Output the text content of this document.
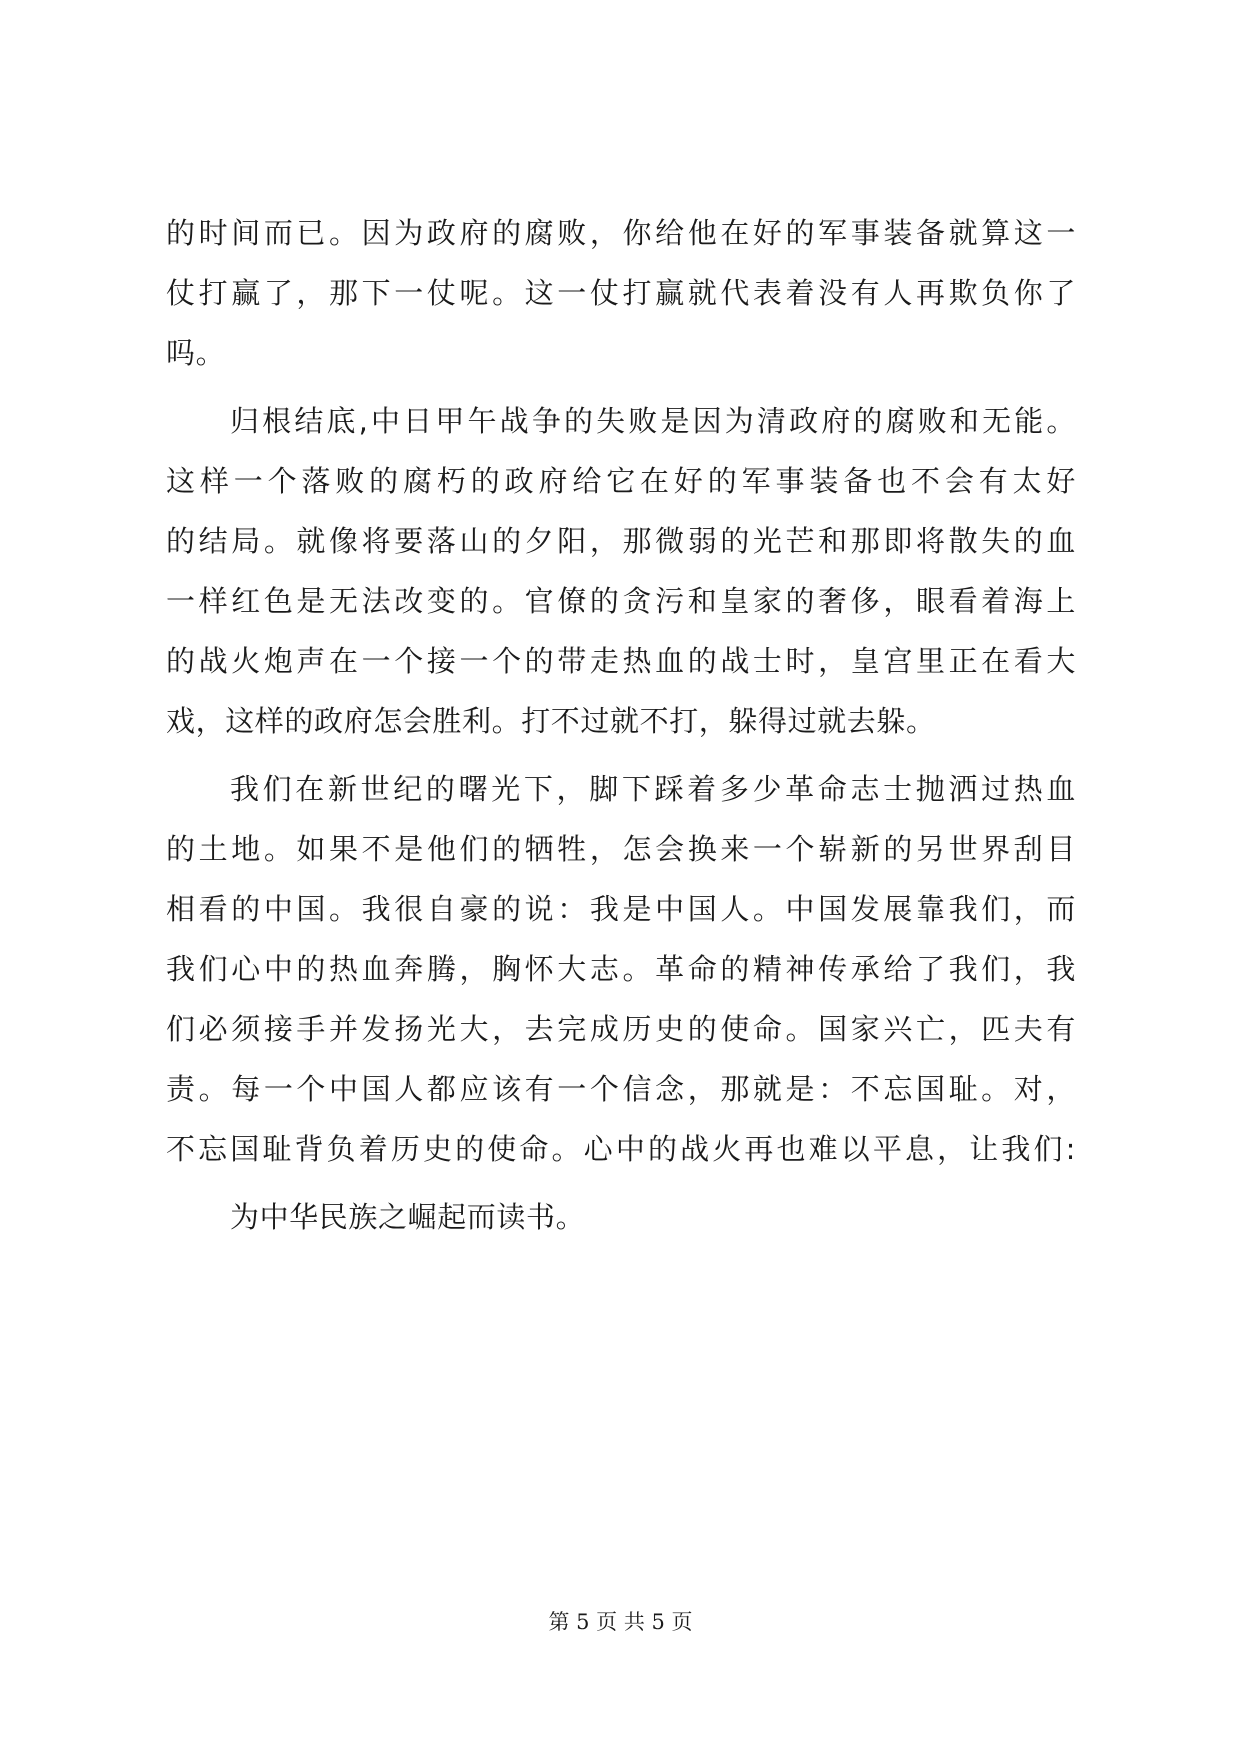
的时间而已。因为政府的腐败，你给他在好的军事装备就算这一
仗打赢了，那下一仗呢。这一仗打赢就代表着没有人再欺负你了
吗。
归根结底,中日甲午战争的失败是因为清政府的腐败和无能。
这样一个落败的腐朽的政府给它在好的军事装备也不会有太好
的结局。就像将要落山的夕阳，那微弱的光芒和那即将散失的血
一样红色是无法改变的。官僚的贪污和皇家的奢侈，眼看着海上
的战火炮声在一个接一个的带走热血的战士时，皇宫里正在看大
戏，这样的政府怎会胜利。打不过就不打，躲得过就去躲。
我们在新世纪的曙光下，脚下踩着多少革命志士抛洒过热血
的土地。如果不是他们的牺牲，怎会换来一个崭新的另世界刮目
相看的中国。我很自豪的说：我是中国人。中国发展靠我们，而
我们心中的热血奔腾，胸怀大志。革命的精神传承给了我们，我
们必须接手并发扬光大，去完成历史的使命。国家兴亡，匹夫有
责。每一个中国人都应该有一个信念，那就是：不忘国耻。对，
不忘国耻背负着历史的使命。心中的战火再也难以平息，让我们:
为中华民族之崛起而读书。
第 5 页 共 5 页
